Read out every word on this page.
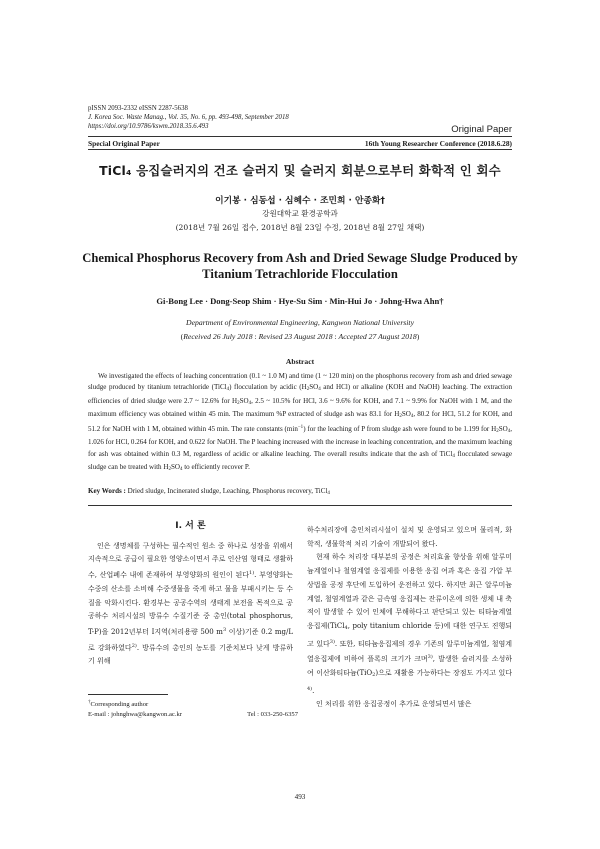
pISSN 2093-2332 eISSN 2287-5638
J. Korea Soc. Waste Manag., Vol. 35, No. 6, pp. 493-498, September 2018
https://doi.org/10.9786/kswm.2018.35.6.493	Original Paper
Special Original Paper	16th Young Researcher Conference (2018.6.28)
TiCl₄ 응집슬러지의 건조 슬러지 및 슬러지 회분으로부터 화학적 인 회수
이기봉 · 심동섭 · 심혜수 · 조민희 · 안종화†
강원대학교 환경공학과
(2018년 7월 26일 접수, 2018년 8월 23일 수정, 2018년 8월 27일 채택)
Chemical Phosphorus Recovery from Ash and Dried Sewage Sludge Produced by Titanium Tetrachloride Flocculation
Gi-Bong Lee · Dong-Seop Shim · Hye-Su Sim · Min-Hui Jo · Johng-Hwa Ahn†
Department of Environmental Engineering, Kangwon National University
(Received 26 July 2018 : Revised 23 August 2018 : Accepted 27 August 2018)
Abstract
We investigated the effects of leaching concentration (0.1 ~ 1.0 M) and time (1 ~ 120 min) on the phosphorus recovery from ash and dried sewage sludge produced by titanium tetrachloride (TiCl$_4$) flocculation by acidic ($H_2SO_4$ and HCl) or alkaline (KOH and NaOH) leaching. The extraction efficiencies of dried sludge were 2.7 ~ 12.6% for $H_2SO_4$, 2.5 ~ 10.5% for HCl, 3.6 ~ 9.6% for KOH, and 7.1 ~ 9.9% for NaOH with 1 M, and the maximum efficiency was obtained within 45 min. The maximum %P extracted of sludge ash was 83.1 for $H_2SO_4$, 80.2 for HCl, 51.2 for KOH, and 51.2 for NaOH with 1 M, obtained within 45 min. The rate constants $(\min^{-1})$ for the leaching of P from sludge ash were found to be 1.199 for $H_2SO_4$, 1.026 for HCl, 0.264 for KOH, and 0.622 for NaOH. The P leaching increased with the increase in leaching concentration, and the maximum leaching for ash was obtained within 0.3 M, regardless of acidic or alkaline leaching. The overall results indicate that the ash of TiCl$_4$ flocculated sewage sludge can be treated with $H_2SO_4$ to efficiently recover P.
Key Words : Dried sludge, Incinerated sludge, Leaching, Phosphorus recovery, TiCl$_4$
I. 서 론
인은 생명체를 구성하는 필수적인 원소 중 하나로 성장을 위해서 지속적으로 공급이 필요한 영양소이면서 주로 인산염 형태로 생활하수, 산업폐수 내에 존재하여 부영양화의 원인이 된다$^{1)}$. 부영양화는 수중의 산소를 소비해 수중생물을 죽게 하고 물을 부패시키는 등 수질을 악화시킨다. 환경부는 공공수역의 생태계 보전을 목적으로 공공하수 처리시설의 방류수 수질기준 중 총인(total phosphorus, T-P)을 2012년부터 I지역(처리용량 500 $m^3$ 이상)기준 0.2 mg/L로 강화하였다$^{2)}$. 방류수의 총인의 농도를 기준치보다 낮게 방류하기 위해
하수처리장에 총인처리시설이 설치 및 운영되고 있으며 물리적, 화학적, 생물학적 처리 기술이 개발되어 왔다.
현재 하수 처리장 대부분의 공정은 처리효율 향상을 위해 알루미늄계열이나 철염계열 응집제를 이용한 응집 여과 혹은 응집 가압 부상법을 공정 후단에 도입하여 운전하고 있다. 하지만 최근 알루미늄계열, 철염계열과 같은 금속염 응집제는 잔류이온에 의한 생체 내 축적이 발생할 수 있어 인체에 무해하다고 판단되고 있는 티타늄계열 응집제(TiCl$_4$, poly titanium chloride 등)에 대한 연구도 진행되고 있다$^{3)}$. 또한, 티타늄응집제의 경우 기존의 알루미늄계열, 철염계열응집제에 비하여 플록의 크기가 크며$^{3)}$, 발생한 슬러지를 소성하여 이산화티타늄(TiO$_2$)으로 재활용 가능하다는 장점도 가지고 있다$^{4)}$.
인 처리를 위한 응집공정이 추가로 운영되면서 많은
†Corresponding author
E-mail : johnghwa@kangwon.ac.kr	Tel : 033-250-6357
493
